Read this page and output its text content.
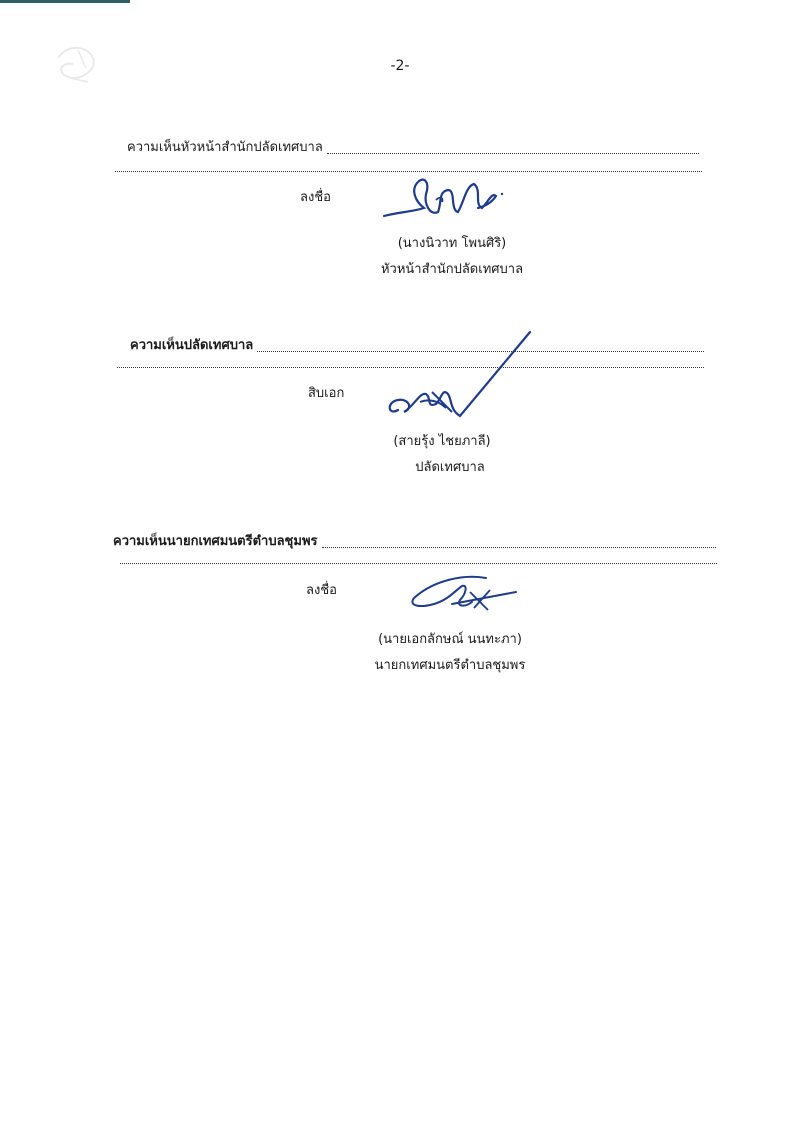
-2-
ความเห็นหัวหน้าสำนักปลัดเทศบาล
ลงชื่อ
(นางนิวาท โพนศิริ)
หัวหน้าสำนักปลัดเทศบาล
ความเห็นปลัดเทศบาล
สิบเอก
(สายรุ้ง ไชยภาลี)
ปลัดเทศบาล
ความเห็นนายกเทศมนตรีตำบลชุมพร
ลงชื่อ
(นายเอกลักษณ์ นนทะภา)
นายกเทศมนตรีตำบลชุมพร
